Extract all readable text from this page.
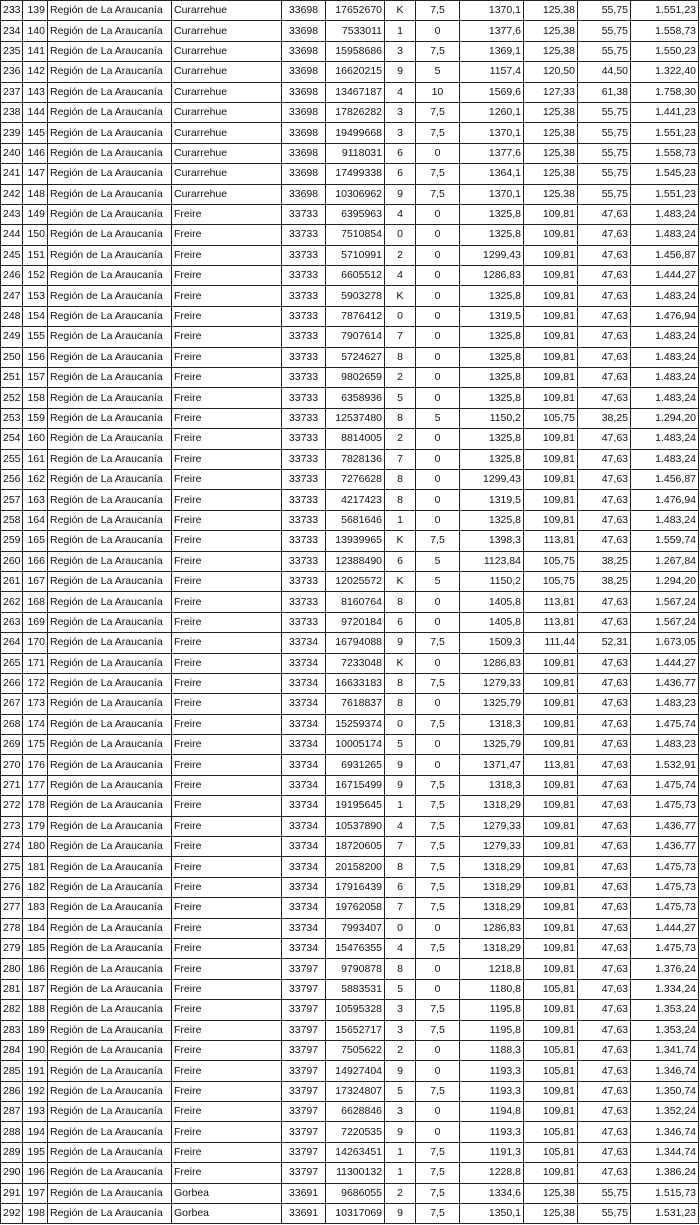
233	139	Región de La Araucanía	Curarrehue	33698	17652670	K	7,5	1370,1	125,38	55,75	1.551,23
234	140	Región de La Araucanía	Curarrehue	33698	7533011	1	0	1377,6	125,38	55,75	1.558,73
235	141	Región de La Araucanía	Curarrehue	33698	15958686	3	7,5	1369,1	125,38	55,75	1.550,23
236	142	Región de La Araucanía	Curarrehue	33698	16620215	9	5	1157,4	120,50	44,50	1.322,40
237	143	Región de La Araucanía	Curarrehue	33698	13467187	4	10	1569,6	127,33	61,38	1.758,30
238	144	Región de La Araucanía	Curarrehue	33698	17826282	3	7,5	1260,1	125,38	55,75	1.441,23
239	145	Región de La Araucanía	Curarrehue	33698	19499668	3	7,5	1370,1	125,38	55,75	1.551,23
240	146	Región de La Araucanía	Curarrehue	33698	9118031	6	0	1377,6	125,38	55,75	1.558,73
241	147	Región de La Araucanía	Curarrehue	33698	17499338	6	7,5	1364,1	125,38	55,75	1.545,23
242	148	Región de La Araucanía	Curarrehue	33698	10306962	9	7,5	1370,1	125,38	55,75	1.551,23
243	149	Región de La Araucanía	Freire	33733	6395963	4	0	1325,8	109,81	47,63	1.483,24
244	150	Región de La Araucanía	Freire	33733	7510854	0	0	1325,8	109,81	47,63	1.483,24
245	151	Región de La Araucanía	Freire	33733	5710991	2	0	1299,43	109,81	47,63	1.456,87
246	152	Región de La Araucanía	Freire	33733	6605512	4	0	1286,83	109,81	47,63	1.444,27
247	153	Región de La Araucanía	Freire	33733	5903278	K	0	1325,8	109,81	47,63	1.483,24
248	154	Región de La Araucanía	Freire	33733	7876412	0	0	1319,5	109,81	47,63	1.476,94
249	155	Región de La Araucanía	Freire	33733	7907614	7	0	1325,8	109,81	47,63	1.483,24
250	156	Región de La Araucanía	Freire	33733	5724627	8	0	1325,8	109,81	47,63	1.483,24
251	157	Región de La Araucanía	Freire	33733	9802659	2	0	1325,8	109,81	47,63	1.483,24
252	158	Región de La Araucanía	Freire	33733	6358936	5	0	1325,8	109,81	47,63	1.483,24
253	159	Región de La Araucanía	Freire	33733	12537480	8	5	1150,2	105,75	38,25	1.294,20
254	160	Región de La Araucanía	Freire	33733	8814005	2	0	1325,8	109,81	47,63	1.483,24
255	161	Región de La Araucanía	Freire	33733	7828136	7	0	1325,8	109,81	47,63	1.483,24
256	162	Región de La Araucanía	Freire	33733	7276628	8	0	1299,43	109,81	47,63	1.456,87
257	163	Región de La Araucanía	Freire	33733	4217423	8	0	1319,5	109,81	47,63	1.476,94
258	164	Región de La Araucanía	Freire	33733	5681646	1	0	1325,8	109,81	47,63	1.483,24
259	165	Región de La Araucanía	Freire	33733	13939965	K	7,5	1398,3	113,81	47,63	1.559,74
260	166	Región de La Araucanía	Freire	33733	12388490	6	5	1123,84	105,75	38,25	1.267,84
261	167	Región de La Araucanía	Freire	33733	12025572	K	5	1150,2	105,75	38,25	1.294,20
262	168	Región de La Araucanía	Freire	33733	8160764	8	0	1405,8	113,81	47,63	1.567,24
263	169	Región de La Araucanía	Freire	33733	9720184	6	0	1405,8	113,81	47,63	1.567,24
264	170	Región de La Araucanía	Freire	33734	16794088	9	7,5	1509,3	111,44	52,31	1.673,05
265	171	Región de La Araucanía	Freire	33734	7233048	K	0	1286,83	109,81	47,63	1.444,27
266	172	Región de La Araucanía	Freire	33734	16633183	8	7,5	1279,33	109,81	47,63	1.436,77
267	173	Región de La Araucanía	Freire	33734	7618837	8	0	1325,79	109,81	47,63	1.483,23
268	174	Región de La Araucanía	Freire	33734	15259374	0	7,5	1318,3	109,81	47,63	1.475,74
269	175	Región de La Araucanía	Freire	33734	10005174	5	0	1325,79	109,81	47,63	1.483,23
270	176	Región de La Araucanía	Freire	33734	6931265	9	0	1371,47	113,81	47,63	1.532,91
271	177	Región de La Araucanía	Freire	33734	16715499	9	7,5	1318,3	109,81	47,63	1.475,74
272	178	Región de La Araucanía	Freire	33734	19195645	1	7,5	1318,29	109,81	47,63	1.475,73
273	179	Región de La Araucanía	Freire	33734	10537890	4	7,5	1279,33	109,81	47,63	1.436,77
274	180	Región de La Araucanía	Freire	33734	18720605	7	7,5	1279,33	109,81	47,63	1.436,77
275	181	Región de La Araucanía	Freire	33734	20158200	8	7,5	1318,29	109,81	47,63	1.475,73
276	182	Región de La Araucanía	Freire	33734	17916439	6	7,5	1318,29	109,81	47,63	1.475,73
277	183	Región de La Araucanía	Freire	33734	19762058	7	7,5	1318,29	109,81	47,63	1.475,73
278	184	Región de La Araucanía	Freire	33734	7993407	0	0	1286,83	109,81	47,63	1.444,27
279	185	Región de La Araucanía	Freire	33734	15476355	4	7,5	1318,29	109,81	47,63	1.475,73
280	186	Región de La Araucanía	Freire	33797	9790878	8	0	1218,8	109,81	47,63	1.376,24
281	187	Región de La Araucanía	Freire	33797	5883531	5	0	1180,8	105,81	47,63	1.334,24
282	188	Región de La Araucanía	Freire	33797	10595328	3	7,5	1195,8	109,81	47,63	1.353,24
283	189	Región de La Araucanía	Freire	33797	15652717	3	7,5	1195,8	109,81	47,63	1.353,24
284	190	Región de La Araucanía	Freire	33797	7505622	2	0	1188,3	105,81	47,63	1.341,74
285	191	Región de La Araucanía	Freire	33797	14927404	9	0	1193,3	105,81	47,63	1.346,74
286	192	Región de La Araucanía	Freire	33797	17324807	5	7,5	1193,3	109,81	47,63	1.350,74
287	193	Región de La Araucanía	Freire	33797	6628846	3	0	1194,8	109,81	47,63	1.352,24
288	194	Región de La Araucanía	Freire	33797	7220535	9	0	1193,3	105,81	47,63	1.346,74
289	195	Región de La Araucanía	Freire	33797	14263451	1	7,5	1191,3	105,81	47,63	1.344,74
290	196	Región de La Araucanía	Freire	33797	11300132	1	7,5	1228,8	109,81	47,63	1.386,24
291	197	Región de La Araucanía	Gorbea	33691	9686055	2	7,5	1334,6	125,38	55,75	1.515,73
292	198	Región de La Araucanía	Gorbea	33691	10317069	9	7,5	1350,1	125,38	55,75	1.531,23
